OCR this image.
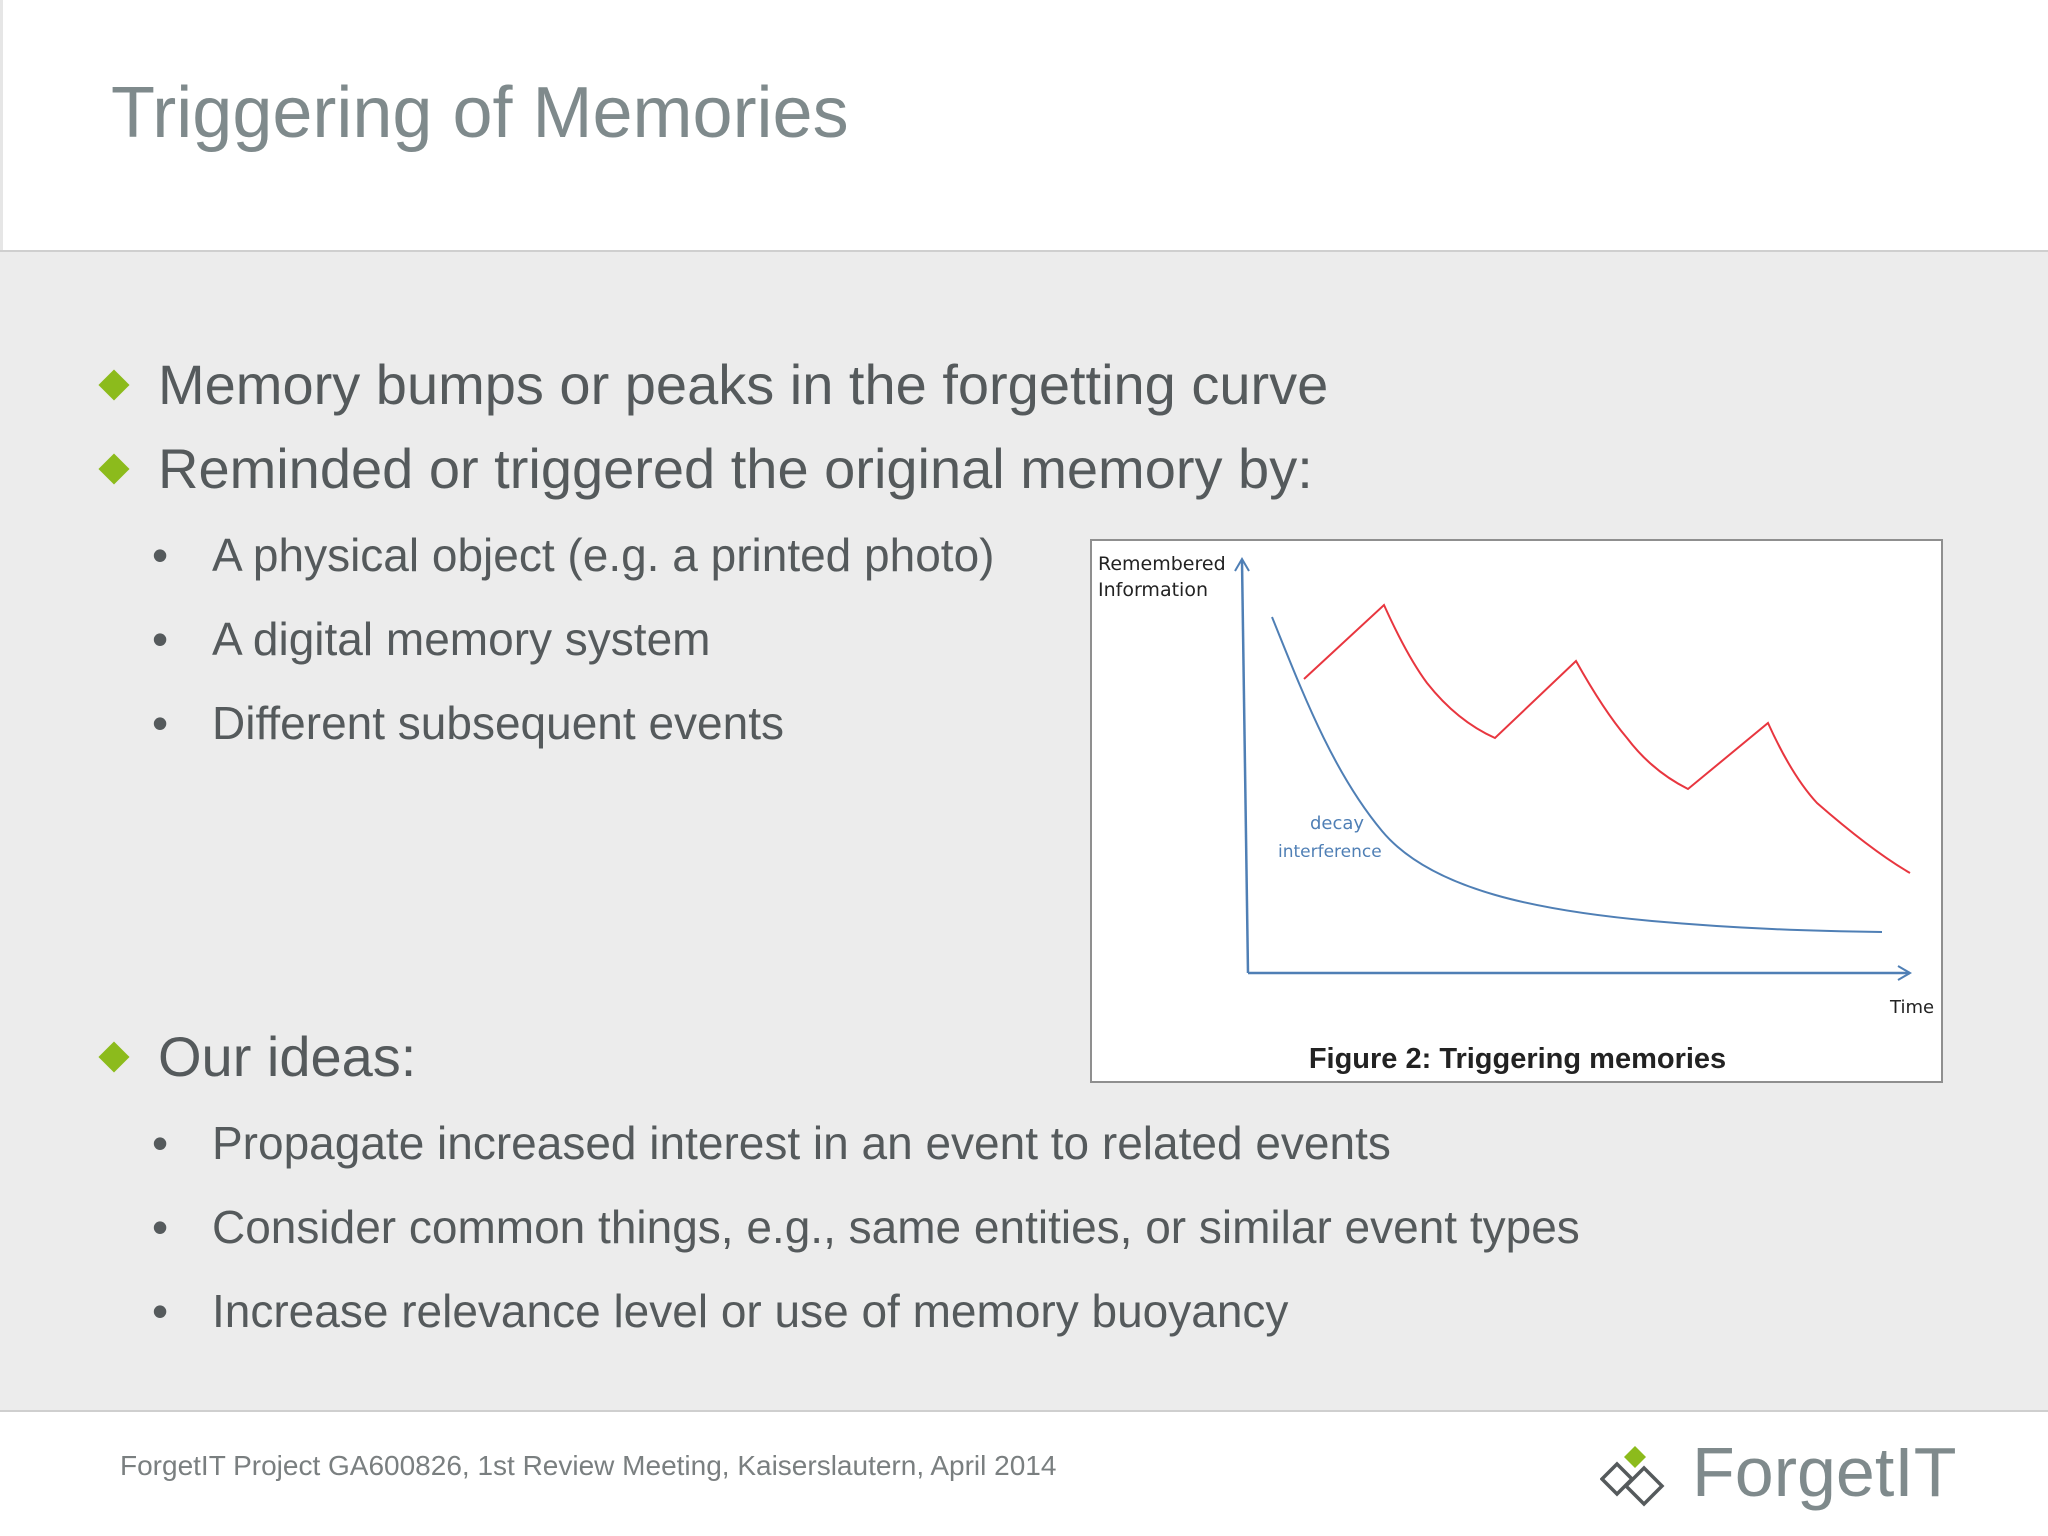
Triggering of Memories
Memory bumps or peaks in the forgetting curve
Reminded or triggered the original memory by:
• A physical object (e.g. a printed photo)
• A digital memory system
• Different subsequent events
Our ideas:
• Propagate increased interest in an event to related events
• Consider common things, e.g., same entities, or similar event types
• Increase relevance level or use of memory buoyancy
Remembered
Information
decay
interference
Time
Figure 2: Triggering memories
ForgetIT Project GA600826, 1st Review Meeting, Kaiserslautern, April 2014	ForgetIT
